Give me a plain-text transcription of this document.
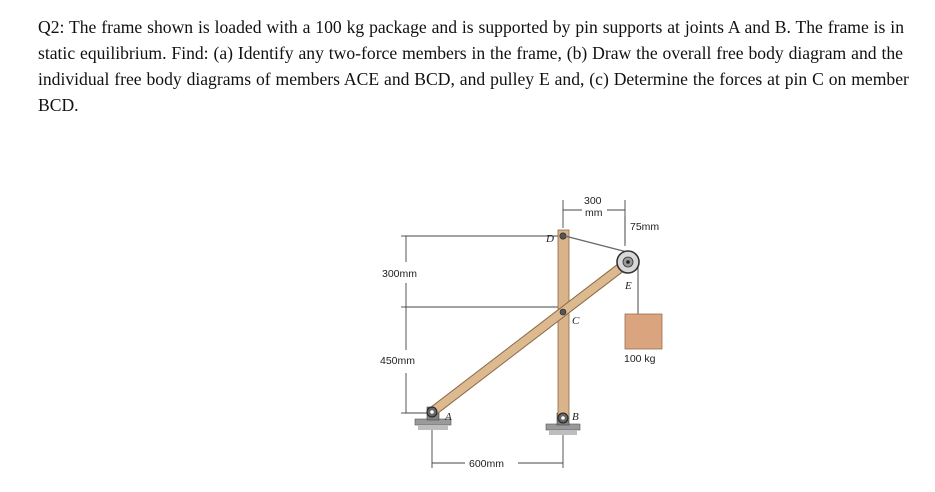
Q2: The frame shown is loaded with a 100 kg package and is supported by pin supports at joints A and B. The frame is in static equilibrium. Find: (a) Identify any two-force members in the frame, (b) Draw the overall free body diagram and the individual free body diagrams of members ACE and BCD, and pulley E and, (c) Determine the forces at pin C on member BCD.

300
mm
75mm
300mm
450mm
600mm
100 kg
A	B
C
D
E
